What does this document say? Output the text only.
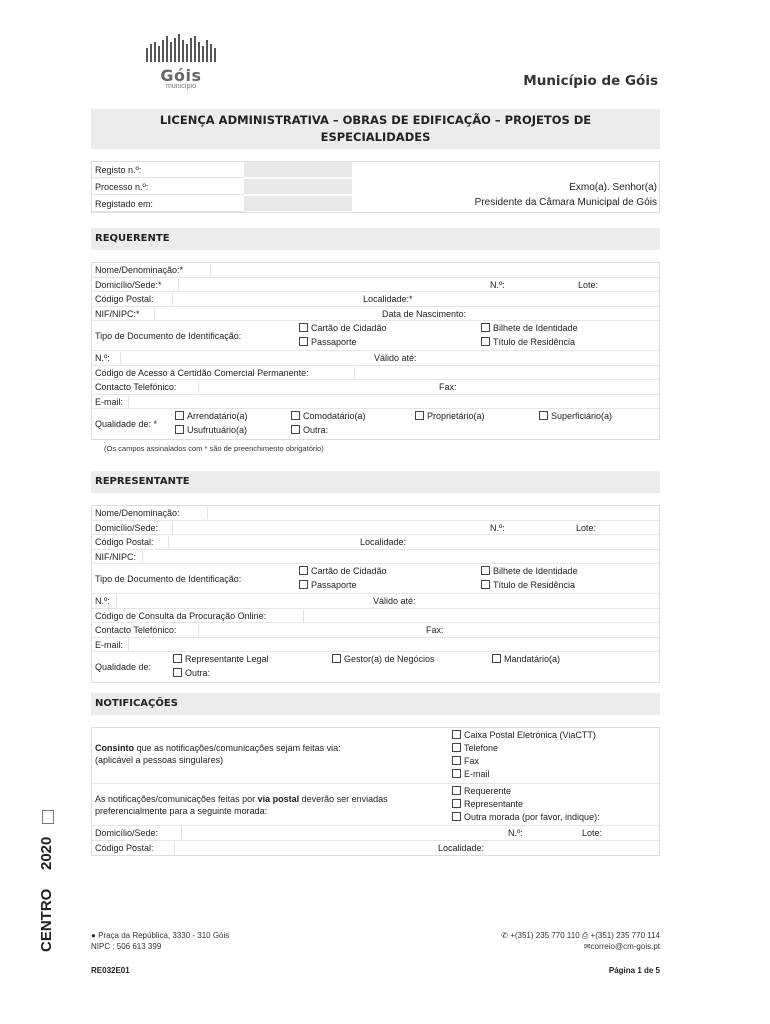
Góis
município	Município de Góis
LICENÇA ADMINISTRATIVA – OBRAS DE EDIFICAÇÃO – PROJETOS DE
ESPECIALIDADES
Registo n.º:
Processo n.º:
Registado em:
Exmo(a). Senhor(a)
Presidente da Câmara Municipal de Góis
REQUERENTE
Nome/Denominação:*
Domicílio/Sede:*	N.º:	Lote:
Código Postal:	Localidade:*
NIF/NIPC:*	Data de Nascimento:
Tipo de Documento de Identificação:
Cartão de Cidadão
Passaporte
Bilhete de Identidade
Título de Residência
N.º:	Válido até:
Código de Acesso à Certidão Comercial Permanente:
Contacto Telefónico:	Fax:
E-mail:
Qualidade de: *
Arrendatário(a)	Comodatário(a)	Proprietário(a)	Superficiário(a)
Usufrutuário(a)	Outra:
(Os campos assinalados com * são de preenchimento obrigatório)
REPRESENTANTE
Nome/Denominação:
Domicílio/Sede:	N.º:	Lote:
Código Postal:	Localidade:
NIF/NIPC:
Tipo de Documento de Identificação:
Cartão de Cidadão
Passaporte
Bilhete de Identidade
Título de Residência
N.º:	Válido até:
Código de Consulta da Procuração Online:
Contacto Telefónico:	Fax:
E-mail:
Qualidade de:
Representante Legal	Gestor(a) de Negócios	Mandatário(a)
Outra:
NOTIFICAÇÕES
Consinto que as notificações/comunicações sejam feitas via:
(aplicável a pessoas singulares)
Caixa Postal Eletrónica (ViaCTT)
Telefone
Fax
E-mail
As notificações/comunicações feitas por via postal deverão ser enviadas
preferencialmente para a seguinte morada:
Requerente
Representante
Outra morada (por favor, indique):
Domicílio/Sede:	N.º:	Lote:
Código Postal:	Localidade:
CENTRO
2020
● Praça da República, 3330 - 310 Góis
NIPC : 506 613 399
✆ +(351) 235 770 110 ⎙ +(351) 235 770 114
✉correio@cm-gois.pt
RE032E01	Página 1 de 5
